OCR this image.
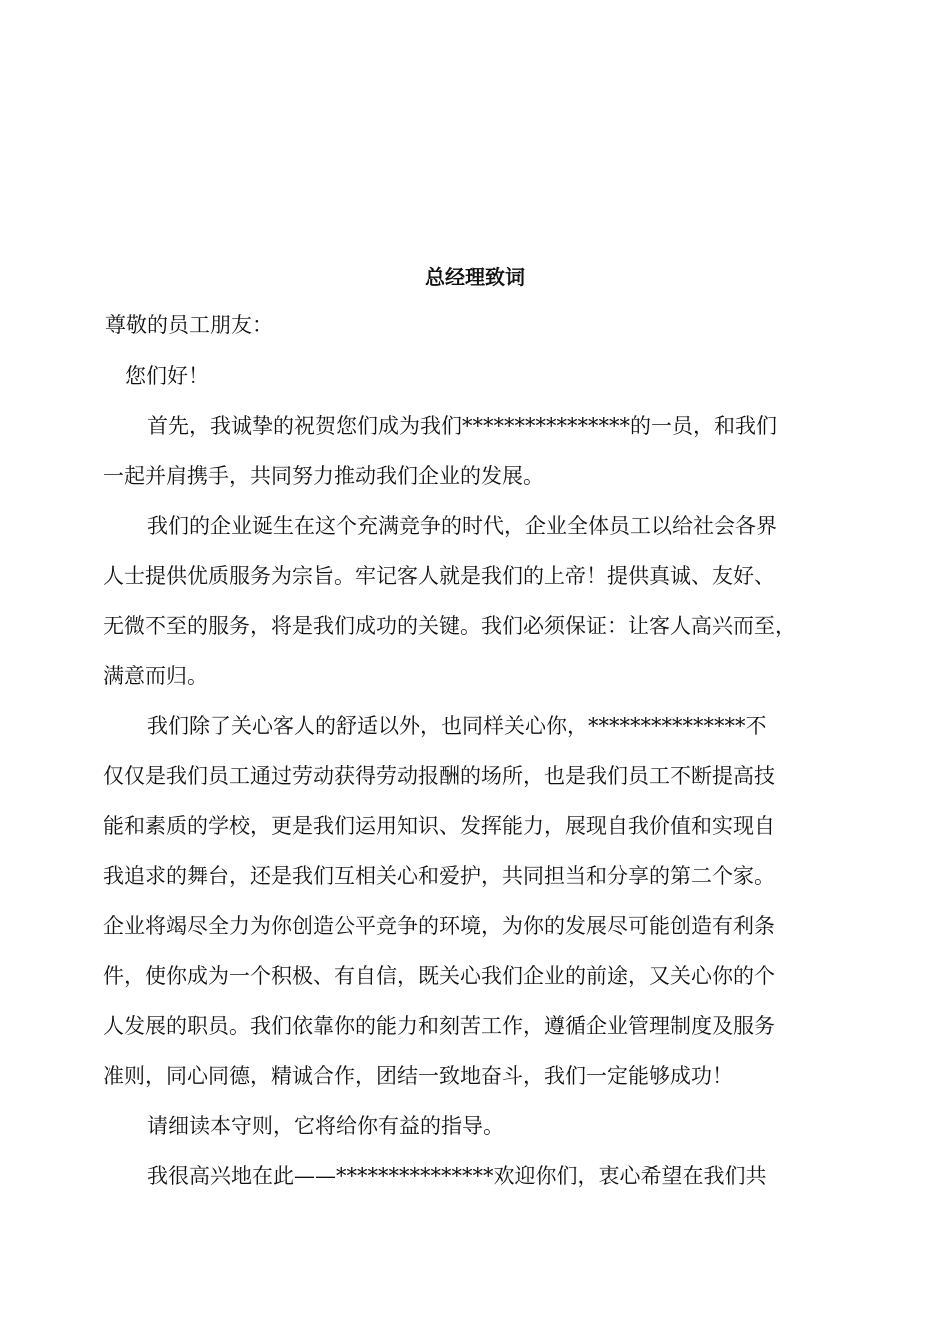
总经理致词
尊敬的员工朋友：
您们好！
首先，我诚挚的祝贺您们成为我们****************的一员，和我们
一起并肩携手，共同努力推动我们企业的发展。
我们的企业诞生在这个充满竞争的时代，企业全体员工以给社会各界
人士提供优质服务为宗旨。牢记客人就是我们的上帝！提供真诚、友好、
无微不至的服务，将是我们成功的关键。我们必须保证：让客人高兴而至，
满意而归。
我们除了关心客人的舒适以外，也同样关心你，***************不
仅仅是我们员工通过劳动获得劳动报酬的场所，也是我们员工不断提高技
能和素质的学校，更是我们运用知识、发挥能力，展现自我价值和实现自
我追求的舞台，还是我们互相关心和爱护，共同担当和分享的第二个家。
企业将竭尽全力为你创造公平竞争的环境，为你的发展尽可能创造有利条
件，使你成为一个积极、有自信，既关心我们企业的前途，又关心你的个
人发展的职员。我们依靠你的能力和刻苦工作，遵循企业管理制度及服务
准则，同心同德，精诚合作，团结一致地奋斗，我们一定能够成功！
请细读本守则，它将给你有益的指导。
我很高兴地在此——***************欢迎你们，衷心希望在我们共
